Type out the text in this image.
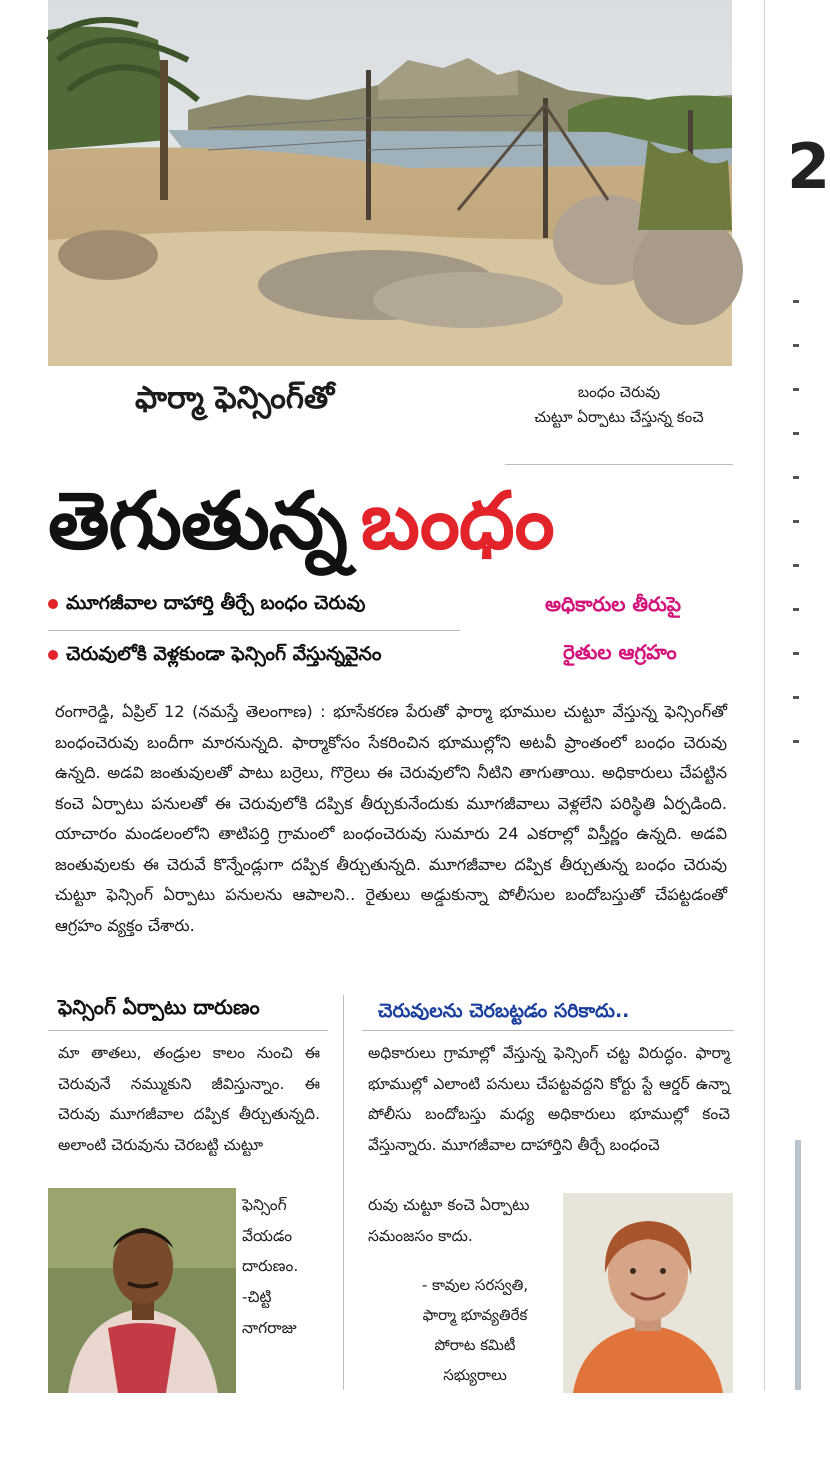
2
ఫార్మా ఫెన్సింగ్‌తో	బంధం చెరువు
చుట్టూ ఏర్పాటు చేస్తున్న కంచె
తెగుతున్న బంధం
మూగజీవాల దాహార్తి తీర్చే బంధం చెరువు
చెరువులోకి వెళ్లకుండా ఫెన్సింగ్ వేస్తున్నవైనం
అధికారుల తీరుపై
రైతుల ఆగ్రహం
రంగారెడ్డి, ఏప్రిల్ 12 (నమస్తే తెలంగాణ) : భూసేకరణ పేరుతో ఫార్మా భూముల చుట్టూ వేస్తున్న ఫెన్సింగ్‌తో బంధంచెరువు బందీగా మారనున్నది. ఫార్మాకోసం సేకరించిన భూముల్లోని అటవీ ప్రాంతంలో బంధం చెరువు ఉన్నది. అడవి జంతువులతో పాటు బర్రెలు, గొర్రెలు ఈ చెరువులోని నీటిని తాగుతాయి. అధికారులు చేపట్టిన కంచె ఏర్పాటు పనులతో ఈ చెరువులోకి దప్పిక తీర్చుకునేందుకు మూగజీవాలు వెళ్లలేని పరిస్థితి ఏర్పడింది. యాచారం మండలంలోని తాటిపర్తి గ్రామంలో బంధంచెరువు సుమారు 24 ఎకరాల్లో విస్తీర్ణం ఉన్నది. అడవి జంతువులకు ఈ చెరువే కొన్నేండ్లుగా దప్పిక తీర్చుతున్నది. మూగజీవాల దప్పిక తీర్చుతున్న బంధం చెరువు చుట్టూ ఫెన్సింగ్ ఏర్పాటు పనులను ఆపాలని.. రైతులు అడ్డుకున్నా పోలీసుల బందోబస్తుతో చేపట్టడంతో ఆగ్రహం వ్యక్తం చేశారు.
ఫెన్సింగ్ ఏర్పాటు దారుణం	చెరువులను చెరబట్టడం సరికాదు..
మా తాతలు, తండ్రుల కాలం నుంచి ఈ చెరువునే నమ్ముకుని జీవిస్తున్నాం. ఈ చెరువు మూగజీవాల దప్పిక తీర్చుతున్నది. అలాంటి చెరువును చెరబట్టి చుట్టూ
ఫెన్సింగ్ వేయడం దారుణం.
-చిట్టి నాగరాజు
అధికారులు గ్రామాల్లో వేస్తున్న ఫెన్సింగ్ చట్ట విరుద్ధం. ఫార్మా భూముల్లో ఎలాంటి పనులు చేపట్టవద్దని కోర్టు స్టే ఆర్డర్ ఉన్నా పోలీసు బందోబస్తు మధ్య అధికారులు భూముల్లో కంచె వేస్తున్నారు. మూగజీవాల దాహార్తిని తీర్చే బంధంచె
రువు చుట్టూ కంచె ఏర్పాటు సమంజసం కాదు.
- కావుల సరస్వతి,
ఫార్మా భూవ్యతిరేక
పోరాట కమిటీ
సభ్యురాలు
